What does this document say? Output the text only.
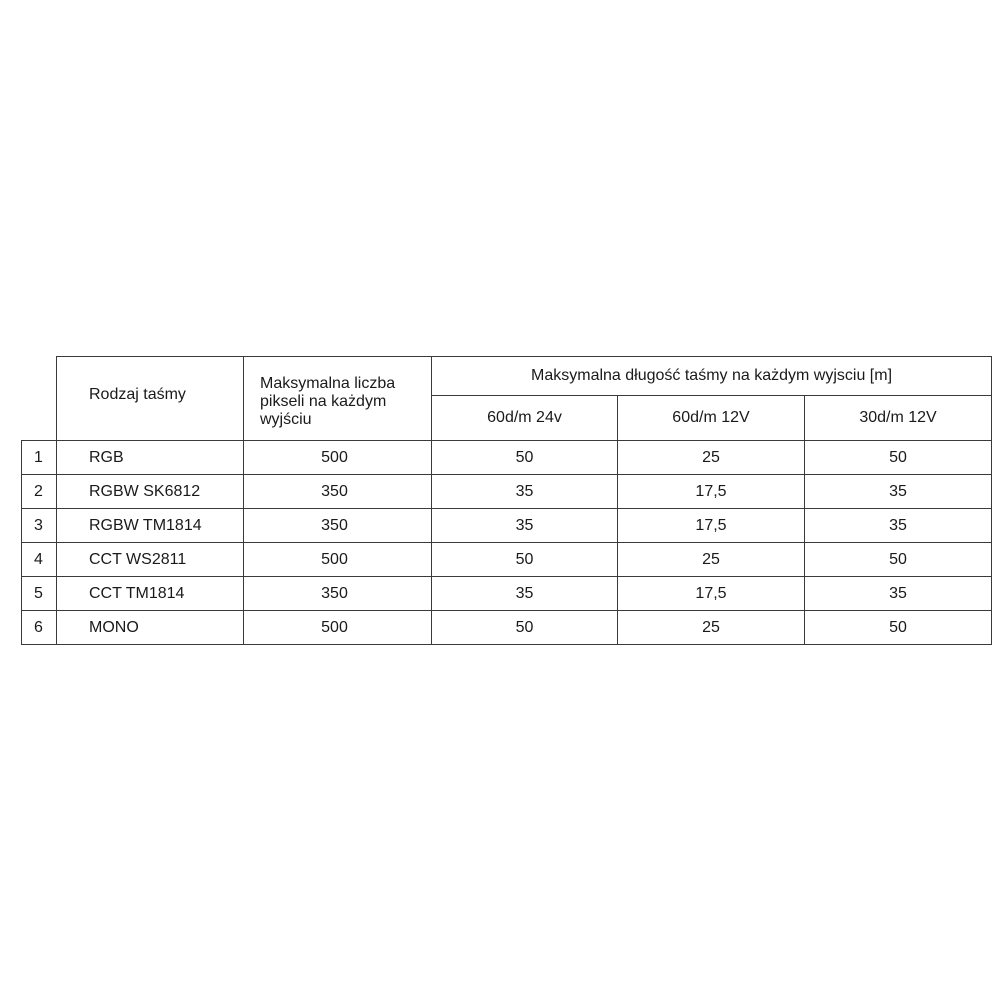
	Rodzaj taśmy	Maksymalna liczba pikseli na każdym wyjściu	Maksymalna długość taśmy na każdym wyjsciu [m]		
			60d/m 24v	60d/m 12V	30d/m 12V
1	RGB	500	50	25	50
2	RGBW SK6812	350	35	17,5	35
3	RGBW TM1814	350	35	17,5	35
4	CCT WS2811	500	50	25	50
5	CCT TM1814	350	35	17,5	35
6	MONO	500	50	25	50
